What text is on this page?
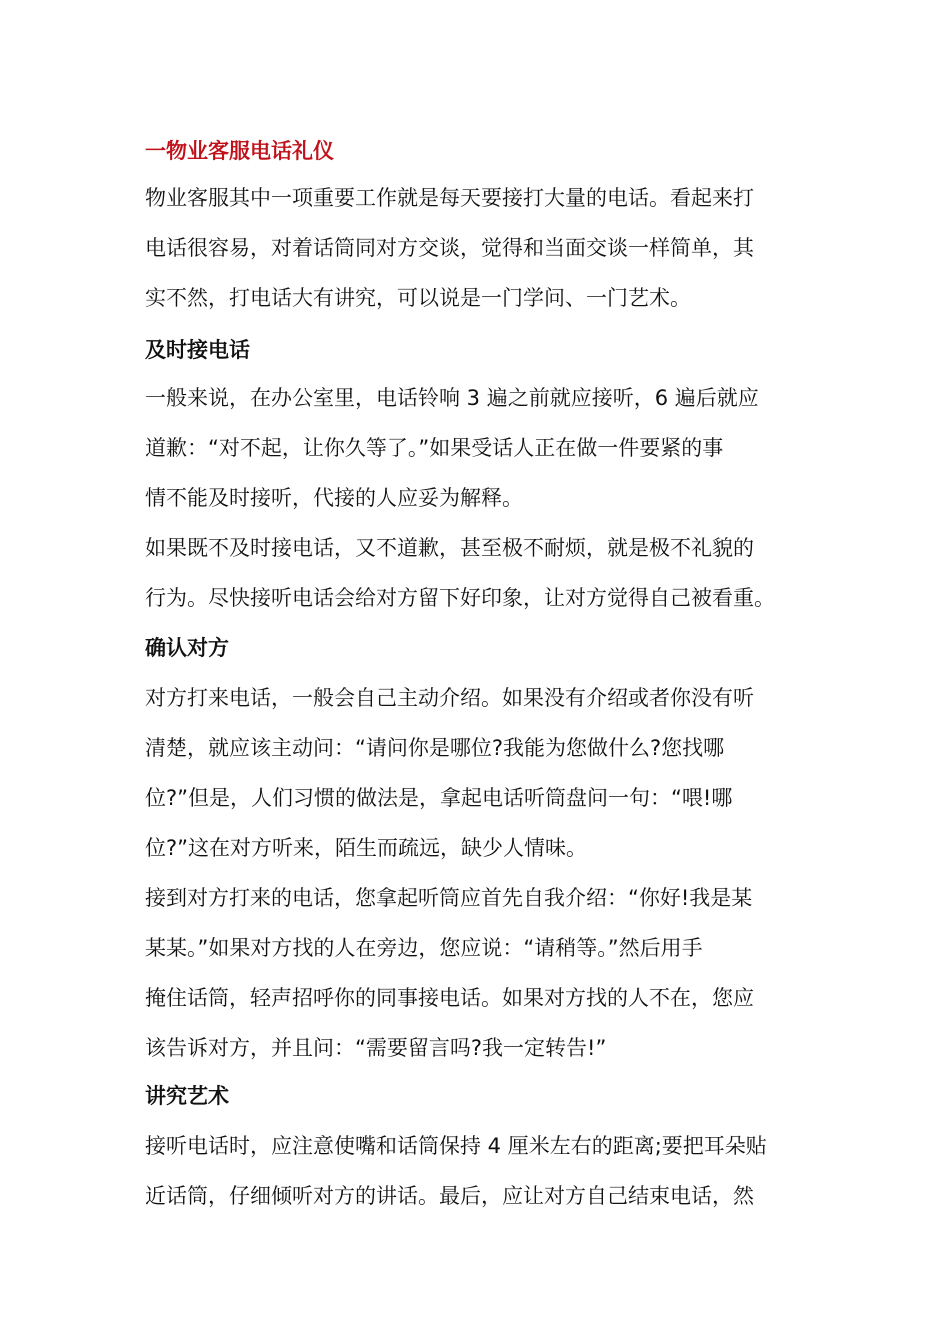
一物业客服电话礼仪
物业客服其中一项重要工作就是每天要接打大量的电话。看起来打
电话很容易，对着话筒同对方交谈，觉得和当面交谈一样简单，其
实不然，打电话大有讲究，可以说是一门学问、一门艺术。
及时接电话
一般来说，在办公室里，电话铃响 3 遍之前就应接听，6 遍后就应
道歉：“对不起，让你久等了。”如果受话人正在做一件要紧的事
情不能及时接听，代接的人应妥为解释。
如果既不及时接电话，又不道歉，甚至极不耐烦，就是极不礼貌的
行为。尽快接听电话会给对方留下好印象，让对方觉得自己被看重。
确认对方
对方打来电话，一般会自己主动介绍。如果没有介绍或者你没有听
清楚，就应该主动问：“请问你是哪位?我能为您做什么?您找哪
位?”但是，人们习惯的做法是，拿起电话听筒盘问一句：“喂!哪
位?”这在对方听来，陌生而疏远，缺少人情味。
接到对方打来的电话，您拿起听筒应首先自我介绍：“你好!我是某
某某。”如果对方找的人在旁边，您应说：“请稍等。”然后用手
掩住话筒，轻声招呼你的同事接电话。如果对方找的人不在，您应
该告诉对方，并且问：“需要留言吗?我一定转告!”
讲究艺术
接听电话时，应注意使嘴和话筒保持 4 厘米左右的距离;要把耳朵贴
近话筒，仔细倾听对方的讲话。最后，应让对方自己结束电话，然
